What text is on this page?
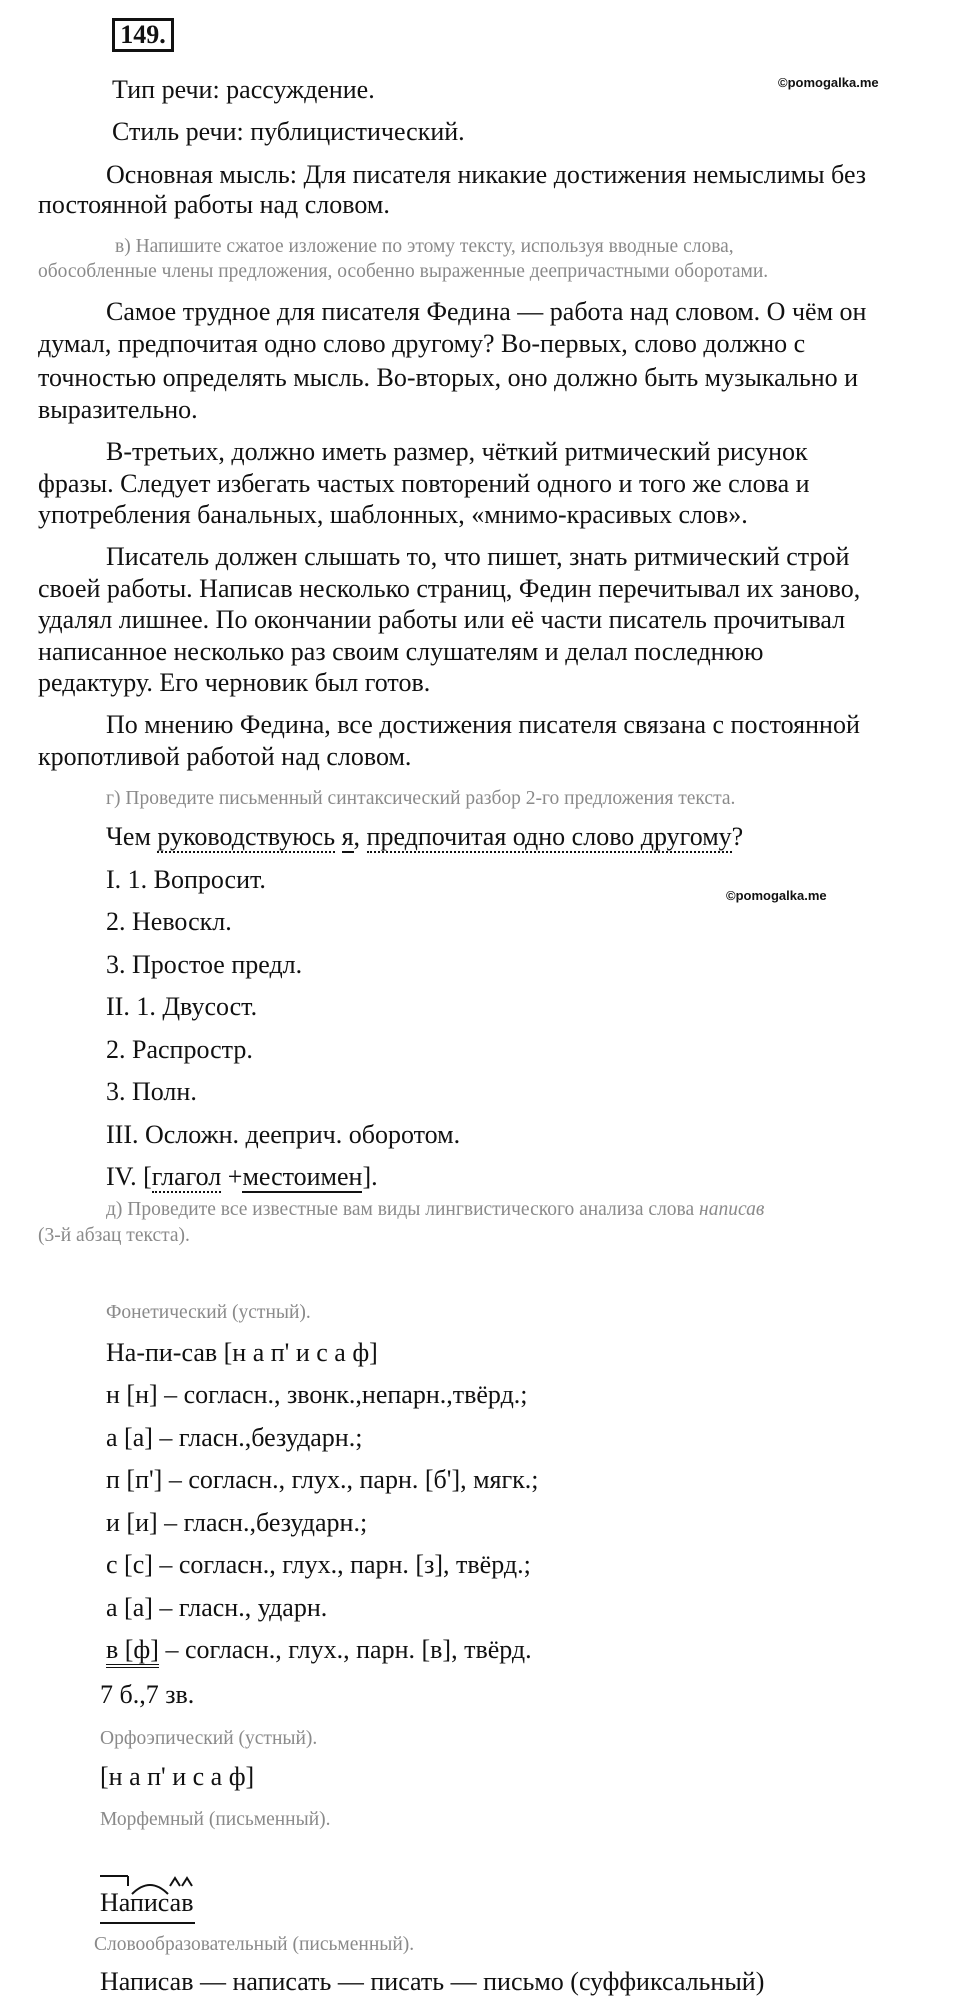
149.
©pomogalka.me
Тип речи: рассуждение.
Стиль речи: публицистический.
Основная мысль: Для писателя никакие достижения немыслимы без
постоянной работы над словом.
в) Напишите сжатое изложение по этому тексту, используя вводные слова,
обособленные члены предложения, особенно выраженные деепричастными оборотами.
Самое трудное для писателя Федина — работа над словом. О чём он
думал, предпочитая одно слово другому? Во-первых, слово должно с
точностью определять мысль. Во-вторых, оно должно быть музыкально и
выразительно.
В-третьих, должно иметь размер, чёткий ритмический рисунок
фразы. Следует избегать частых повторений одного и того же слова и
употребления банальных, шаблонных, «мнимо-красивых слов».
Писатель должен слышать то, что пишет, знать ритмический строй
своей работы. Написав несколько страниц, Федин перечитывал их заново,
удалял лишнее. По окончании работы или её части писатель прочитывал
написанное несколько раз своим слушателям и делал последнюю
редактуру. Его черновик был готов.
По мнению Федина, все достижения писателя связана с постоянной
кропотливой работой над словом.
г) Проведите письменный синтаксический разбор 2-го предложения текста.
Чем руководствуюсь я, предпочитая одно слово другому?
I. 1. Вопросит.
©pomogalka.me
2. Невоскл.
3. Простое предл.
II. 1. Двусост.
2. Распростр.
3. Полн.
III. Осложн. деепр​ич. оборотом.
IV. [глагол +местоимен].
д) Проведите все известные вам виды лингвистического анализа слова написав
(3-й абзац текста).
Фонетический (устный).
На-пи-сав [н а п' и с а ф]
н [н] – согласн., звонк.,непарн.,твёрд.;
а [а] – гласн.,безударн.;
п [п'] – согласн., глух., парн. [б'], мягк.;
и [и] – гласн.,безударн.;
с [с] – согласн., глух., парн. [з], твёрд.;
а [а] – гласн., ударн.
в [ф] – согласн., глух., парн. [в], твёрд.
7 б.,7 зв.
Орфоэпический (устный).
[н а п' и с а ф]
Морфемный (письменный).
Написав
Словообразовательный (письменный).
Написав — написать — писать — письмо (суффиксальный)
